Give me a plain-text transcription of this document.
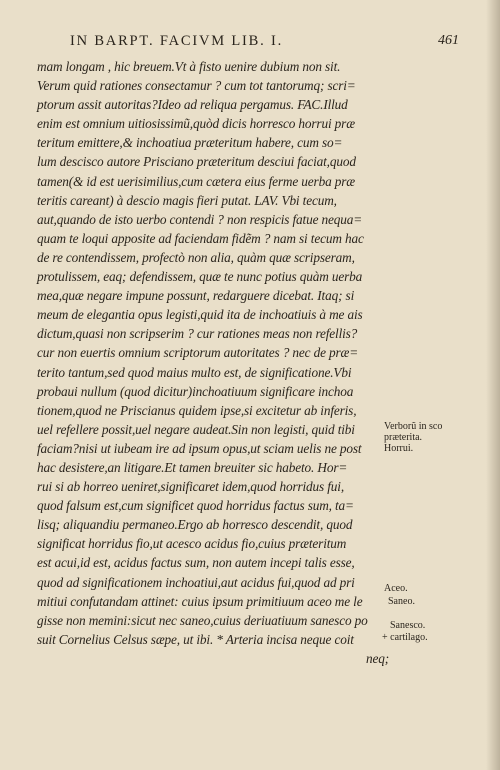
IN BARPT. FACIVM LIB. I.	461
mam longam , hic breuem.Vt à fisto uenire dubium non sit.
Verum quid rationes consectamur ? cum tot tantorumq; scri=
ptorum assit autoritas?Ideo ad reliqua pergamus. FAC.Illud
enim est omnium uitiosissimũ,quòd dicis horresco horrui præ
teritum emittere,& inchoatiua præteritum habere, cum so=
lum descisco autore Prisciano præteritum desciui faciat,quod
tamen(& id est uerisimilius,cum cætera eius ferme uerba præ
teritis careant) à descio magis fieri putat. LAV. Vbi tecum,
aut,quando de isto uerbo contendi ? non respicis fatue nequa=
quam te loqui apposite ad faciendam fidẽm ? nam si tecum hac
de re contendissem, profectò non alia, quàm quæ scripseram,
protulissem, eaq; defendissem, quæ te nunc potius quàm uerba
mea,quæ negare impune possunt, redarguere dicebat. Itaq; si
meum de elegantia opus legisti,quid ita de inchoatiuis à me ais
dictum,quasi non scripserim ? cur rationes meas non refellis?
cur non euertis omnium scriptorum autoritates ? nec de præ=
terito tantum,sed quod maius multo est, de significatione.Vbi
probaui nullum (quod dicitur)inchoatiuum significare inchoa
tionem,quod ne Priscianus quidem ipse,si excitetur ab inferis,
uel refellere possit,uel negare audeat.Sin non legisti, quid tibi
faciam?nisi ut iubeam ire ad ipsum opus,ut sciam uelis ne post
hac desistere,an litigare.Et tamen breuiter sic habeto. Hor=
rui si ab horreo ueniret,significaret idem,quod horridus fui,
quod falsum est,cum significet quod horridus factus sum, ta=
lisq; aliquandiu permaneo.Ergo ab horresco descendit, quod
significat horridus fio,ut acesco acidus fio,cuius præteritum
est acui,id est, acidus factus sum, non autem incepi talis esse,
quod ad significationem inchoatiui,aut acidus fui,quod ad pri
mitiui confutandam attinet: cuius ipsum primitiuum aceo me le
gisse non memini:sicut nec saneo,cuius deriuatiuum sanesco po
suit Cornelius Celsus sæpe, ut ibi. * Arteria incisa neque coit
neq;
Verborũ in sco
præterita.
Horrui.
Aceo.
Saneo.
Sanesco.
+ cartilago.
